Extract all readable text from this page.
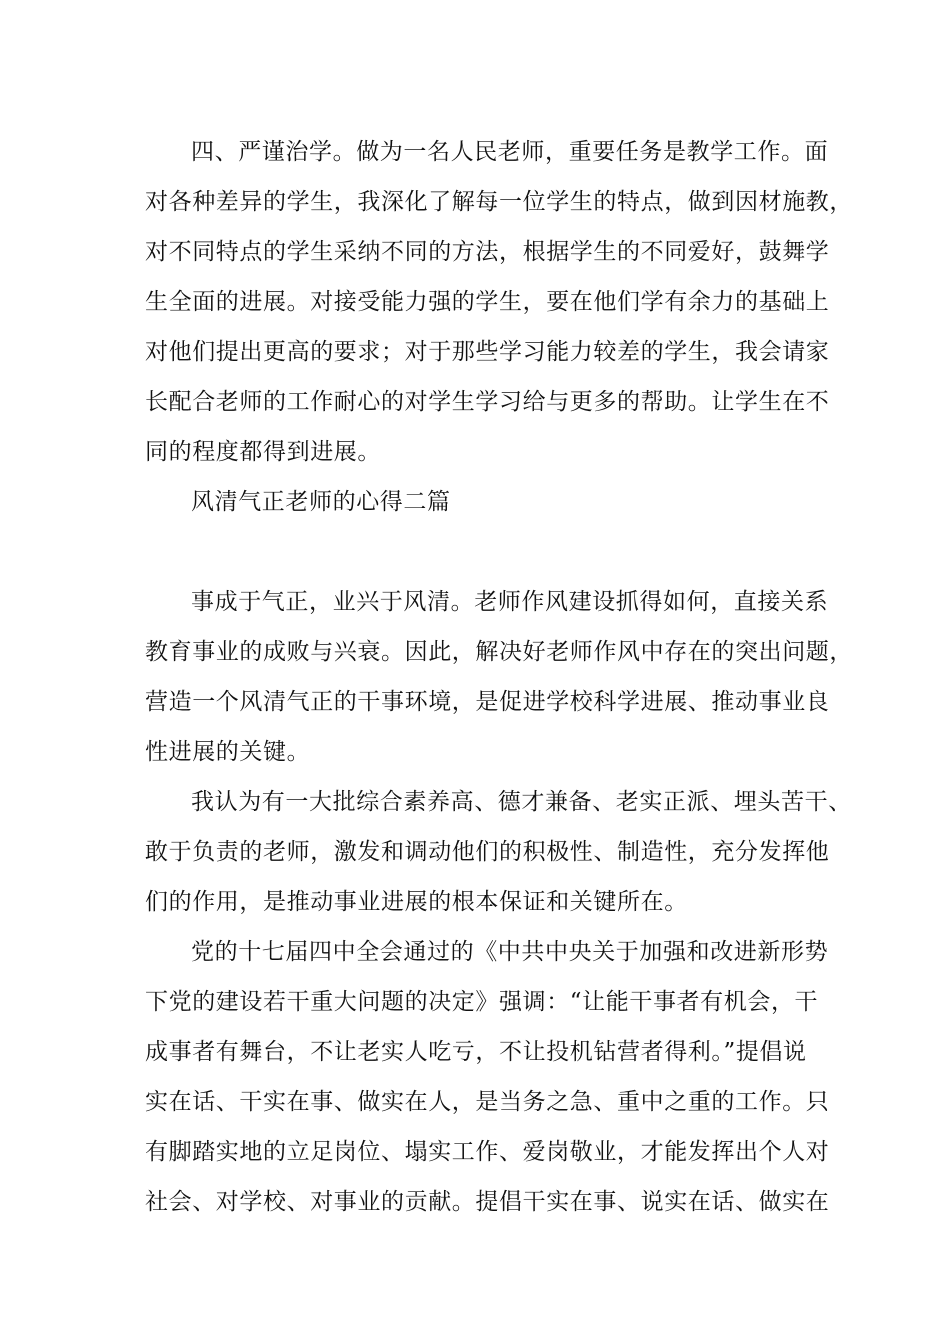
四、严谨治学。做为一名人民老师，重要任务是教学工作。面
对各种差异的学生，我深化了解每一位学生的特点，做到因材施教，
对不同特点的学生采纳不同的方法，根据学生的不同爱好，鼓舞学
生全面的进展。对接受能力强的学生，要在他们学有余力的基础上
对他们提出更高的要求；对于那些学习能力较差的学生，我会请家
长配合老师的工作耐心的对学生学习给与更多的帮助。让学生在不
同的程度都得到进展。
风清气正老师的心得二篇
事成于气正，业兴于风清。老师作风建设抓得如何，直接关系
教育事业的成败与兴衰。因此，解决好老师作风中存在的突出问题，
营造一个风清气正的干事环境，是促进学校科学进展、推动事业良
性进展的关键。
我认为有一大批综合素养高、德才兼备、老实正派、埋头苦干、
敢于负责的老师，激发和调动他们的积极性、制造性，充分发挥他
们的作用，是推动事业进展的根本保证和关键所在。
党的十七届四中全会通过的《中共中央关于加强和改进新形势
下党的建设若干重大问题的决定》强调：“让能干事者有机会，干
成事者有舞台，不让老实人吃亏，不让投机钻营者得利。”提倡说
实在话、干实在事、做实在人，是当务之急、重中之重的工作。只
有脚踏实地的立足岗位、塌实工作、爱岗敬业，才能发挥出个人对
社会、对学校、对事业的贡献。提倡干实在事、说实在话、做实在
